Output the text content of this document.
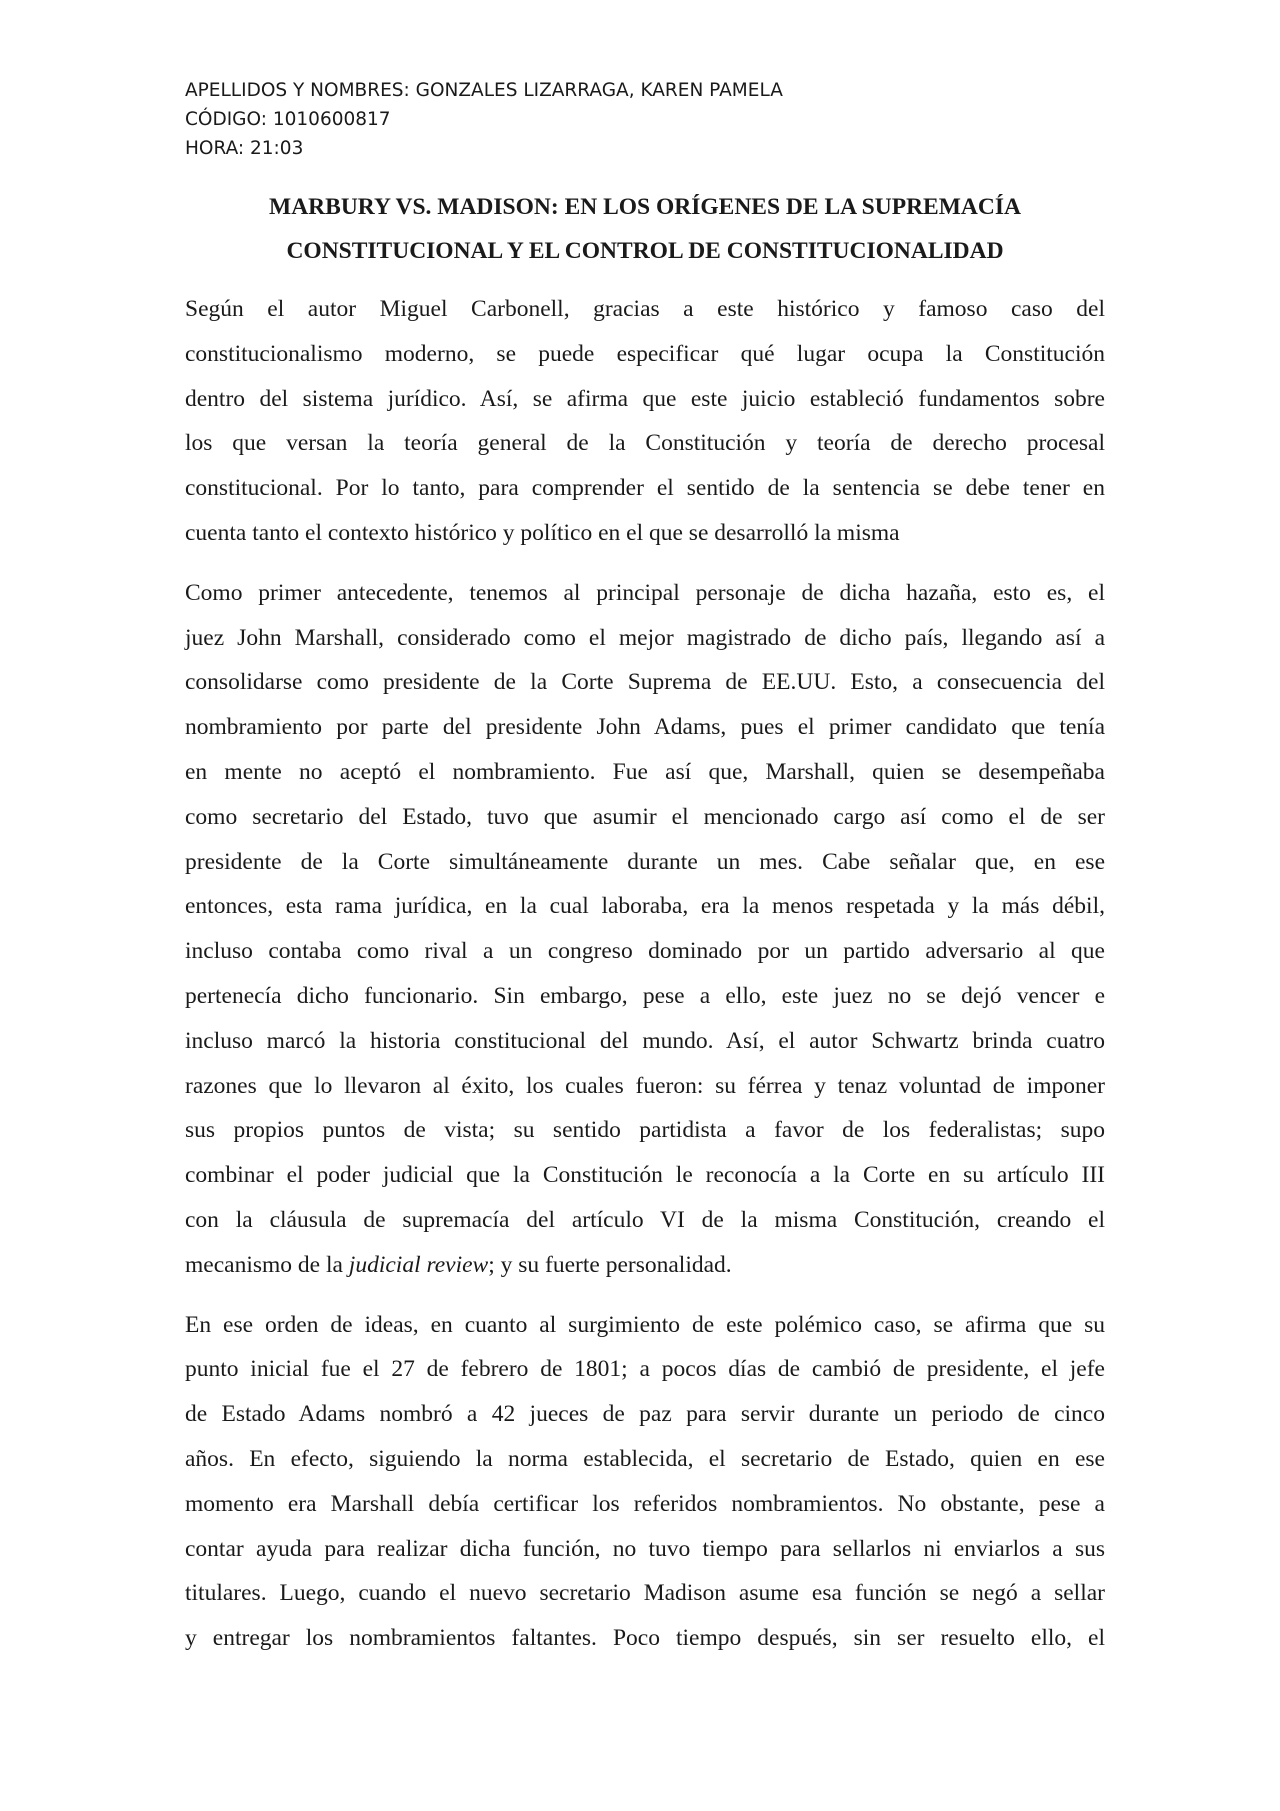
APELLIDOS Y NOMBRES: GONZALES LIZARRAGA, KAREN PAMELA

CÓDIGO: 1010600817

HORA: 21:03

MARBURY VS. MADISON: EN LOS ORÍGENES DE LA SUPREMACÍA
CONSTITUCIONAL Y EL CONTROL DE CONSTITUCIONALIDAD
Según el autor Miguel Carbonell, gracias a este histórico y famoso caso del
constitucionalismo moderno, se puede especificar qué lugar ocupa la Constitución
dentro del sistema jurídico. Así, se afirma que este juicio estableció fundamentos sobre
los que versan la teoría general de la Constitución y teoría de derecho procesal
constitucional. Por lo tanto, para comprender el sentido de la sentencia se debe tener en
cuenta tanto el contexto histórico y político en el que se desarrolló la misma
Como primer antecedente, tenemos al principal personaje de dicha hazaña, esto es, el
juez John Marshall, considerado como el mejor magistrado de dicho país, llegando así a
consolidarse como presidente de la Corte Suprema de EE.UU. Esto, a consecuencia del
nombramiento por parte del presidente John Adams, pues el primer candidato que tenía
en mente no aceptó el nombramiento. Fue así que, Marshall, quien se desempeñaba
como secretario del Estado, tuvo que asumir el mencionado cargo así como el de ser
presidente de la Corte simultáneamente durante un mes. Cabe señalar que, en ese
entonces, esta rama jurídica, en la cual laboraba, era la menos respetada y la más débil,
incluso contaba como rival a un congreso dominado por un partido adversario al que
pertenecía dicho funcionario. Sin embargo, pese a ello, este juez no se dejó vencer e
incluso marcó la historia constitucional del mundo. Así, el autor Schwartz brinda cuatro
razones que lo llevaron al éxito, los cuales fueron: su férrea y tenaz voluntad de imponer
sus propios puntos de vista; su sentido partidista a favor de los federalistas; supo
combinar el poder judicial que la Constitución le reconocía a la Corte en su artículo III
con la cláusula de supremacía del artículo VI de la misma Constitución, creando el
mecanismo de la judicial review; y su fuerte personalidad.
En ese orden de ideas, en cuanto al surgimiento de este polémico caso, se afirma que su
punto inicial fue el 27 de febrero de 1801; a pocos días de cambió de presidente, el jefe
de Estado Adams nombró a 42 jueces de paz para servir durante un periodo de cinco
años. En efecto, siguiendo la norma establecida, el secretario de Estado, quien en ese
momento era Marshall debía certificar los referidos nombramientos. No obstante, pese a
contar ayuda para realizar dicha función, no tuvo tiempo para sellarlos ni enviarlos a sus
titulares. Luego, cuando el nuevo secretario Madison asume esa función se negó a sellar
y entregar los nombramientos faltantes. Poco tiempo después, sin ser resuelto ello, el
